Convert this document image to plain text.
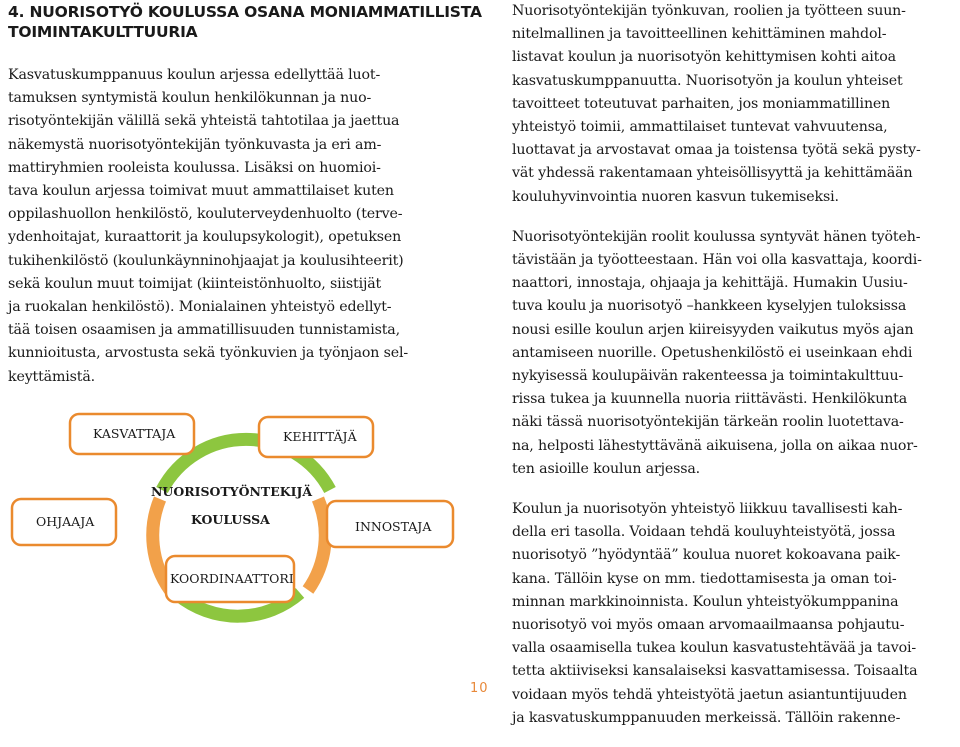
4. NUORISOTYÖ KOULUSSA OSANA MONIAMMATILLISTA
TOIMINTAKULTTUURIA

Kasvatuskumppanuus koulun arjessa edellyttää luot-
tamuksen syntymistä koulun henkilökunnan ja nuo-
risotyöntekijän välillä sekä yhteistä tahtotilaa ja jaettua
näkemystä nuorisotyöntekijän työnkuvasta ja eri am-
mattiryhmien rooleista koulussa. Lisäksi on huomioi-
tava koulun arjessa toimivat muut ammattilaiset kuten
oppilashuollon henkilöstö, kouluterveydenhuolto (terve-
ydenhoitajat, kuraattorit ja koulupsykologit), opetuksen
tukihenkilöstö (koulunkäynninohjaajat ja koulusihteerit)
sekä koulun muut toimijat (kiinteistönhuolto, siistijät
ja ruokalan henkilöstö). Monialainen yhteistyö edellyt-
tää toisen osaamisen ja ammatillisuuden tunnistamista,
kunnioitusta, arvostusta sekä työnkuvien ja työnjaon sel-
keyttämistä.

KASVATTAJA	KEHITTÄJÄ
OHJAAJA	INNOSTAJA
KOORDINAATTORI
NUORISOTYÖNTEKIJÄ
KOULUSSA

Nuorisotyöntekijän työnkuvan, roolien ja työtteen suun-
nitelmallinen ja tavoitteellinen kehittäminen mahdol-
listavat koulun ja nuorisotyön kehittymisen kohti aitoa
kasvatuskumppanuutta. Nuorisotyön ja koulun yhteiset
tavoitteet toteutuvat parhaiten, jos moniammatillinen
yhteistyö toimii, ammattilaiset tuntevat vahvuutensa,
luottavat ja arvostavat omaa ja toistensa työtä sekä pysty-
vät yhdessä rakentamaan yhteisöllisyyttä ja kehittämään
kouluhyvinvointia nuoren kasvun tukemiseksi.

Nuorisotyöntekijän roolit koulussa syntyvät hänen työteh-
tävistään ja työotteestaan. Hän voi olla kasvattaja, koordi-
naattori, innostaja, ohjaaja ja kehittäjä. Humakin Uusiu-
tuva koulu ja nuorisotyö –hankkeen kyselyjen tuloksissa
nousi esille koulun arjen kiireisyyden vaikutus myös ajan
antamiseen nuorille. Opetushenkilöstö ei useinkaan ehdi
nykyisessä koulupäivän rakenteessa ja toimintakulttuu-
rissa tukea ja kuunnella nuoria riittävästi. Henkilökunta
näki tässä nuorisotyöntekijän tärkeän roolin luotettava-
na, helposti lähestyttävänä aikuisena, jolla on aikaa nuor-
ten asioille koulun arjessa.

Koulun ja nuorisotyön yhteistyö liikkuu tavallisesti kah-
della eri tasolla. Voidaan tehdä kouluyhteistyötä, jossa
nuorisotyö ”hyödyntää” koulua nuoret kokoavana paik-
kana. Tällöin kyse on mm. tiedottamisesta ja oman toi-
minnan markkinoinnista. Koulun yhteistyökumppanina
nuorisotyö voi myös omaan arvomaailmaansa pohjautu-
valla osaamisella tukea koulun kasvatustehtävää ja tavoi-
tetta aktiiviseksi kansalaiseksi kasvattamisessa. Toisaalta
voidaan myös tehdä yhteistyötä jaetun asiantuntijuuden
ja kasvatuskumppanuuden merkeissä. Tällöin rakenne-

10
